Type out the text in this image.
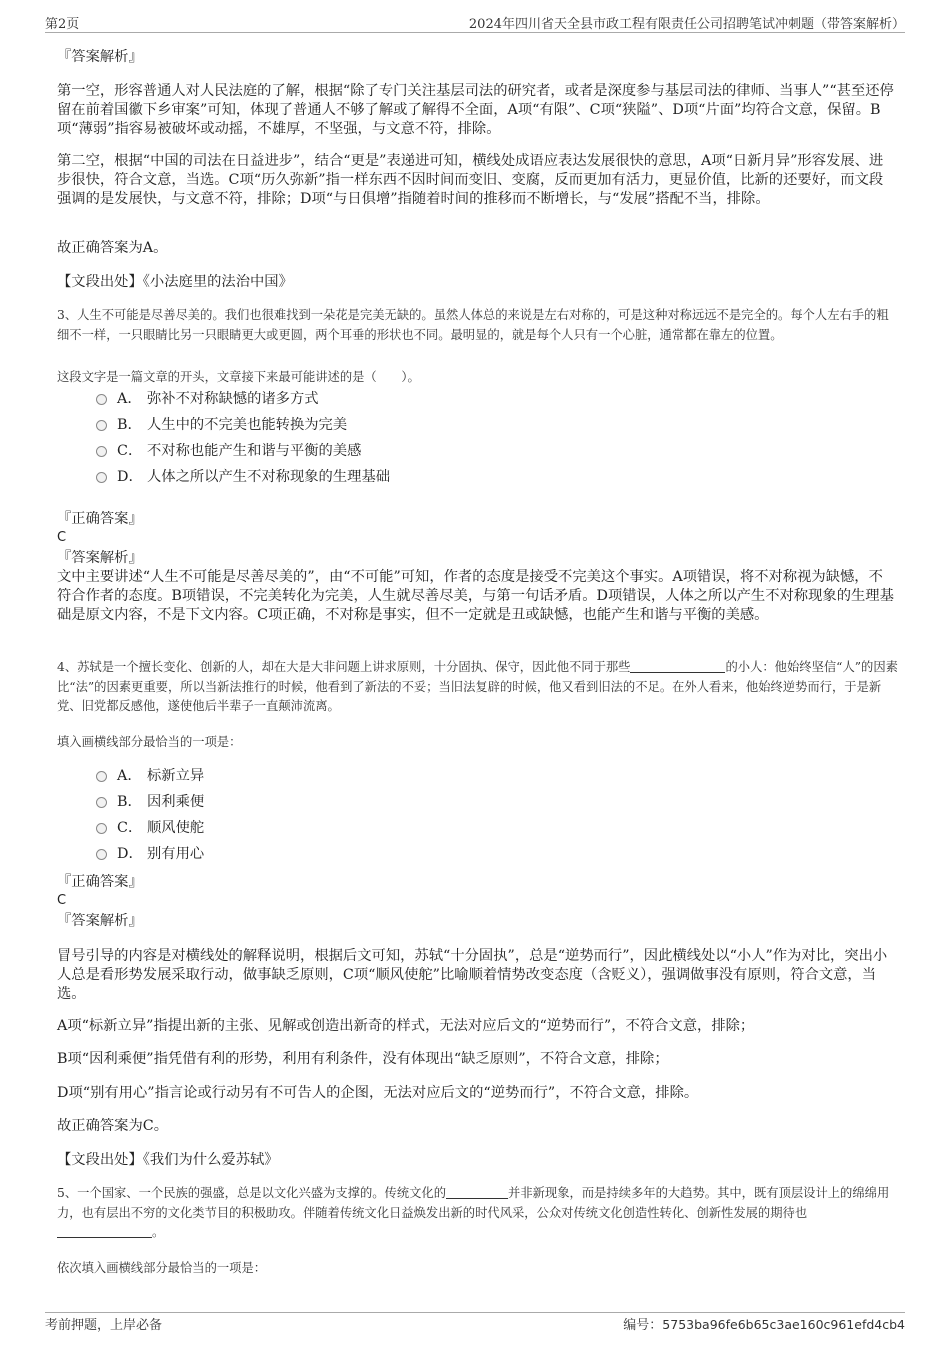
第2页	2024年四川省天全县市政工程有限责任公司招聘笔试冲刺题（带答案解析）
『答案解析』
第一空，形容普通人对人民法庭的了解，根据“除了专门关注基层司法的研究者，或者是深度参与基层司法的律师、当事人”“甚至还停留在前着国徽下乡审案”可知，体现了普通人不够了解或了解得不全面，A项“有限”、C项“狭隘”、D项“片面”均符合文意，保留。B项“薄弱”指容易被破坏或动摇，不雄厚，不坚强，与文意不符，排除。
第二空，根据“中国的司法在日益进步”，结合“更是”表递进可知，横线处成语应表达发展很快的意思，A项“日新月异”形容发展、进步很快，符合文意，当选。C项“历久弥新”指一样东西不因时间而变旧、变腐，反而更加有活力，更显价值，比新的还要好，而文段强调的是发展快，与文意不符，排除；D项“与日俱增”指随着时间的推移而不断增长，与“发展”搭配不当，排除。
故正确答案为A。
【文段出处】《小法庭里的法治中国》
3、人生不可能是尽善尽美的。我们也很难找到一朵花是完美无缺的。虽然人体总的来说是左右对称的，可是这种对称远远不是完全的。每个人左右手的粗细不一样，一只眼睛比另一只眼睛更大或更圆，两个耳垂的形状也不同。最明显的，就是每个人只有一个心脏，通常都在靠左的位置。
这段文字是一篇文章的开头，文章接下来最可能讲述的是（　　）。
A． 弥补不对称缺憾的诸多方式
B． 人生中的不完美也能转换为完美
C． 不对称也能产生和谐与平衡的美感
D． 人体之所以产生不对称现象的生理基础
『正确答案』
C
『答案解析』
文中主要讲述“人生不可能是尽善尽美的”，由“不可能”可知，作者的态度是接受不完美这个事实。A项错误，将不对称视为缺憾，不符合作者的态度。B项错误，不完美转化为完美，人生就尽善尽美，与第一句话矛盾。D项错误，人体之所以产生不对称现象的生理基础是原文内容，不是下文内容。C项正确，不对称是事实，但不一定就是丑或缺憾，也能产生和谐与平衡的美感。
4、苏轼是一个擅长变化、创新的人，却在大是大非问题上讲求原则，十分固执、保守，因此他不同于那些	的小人：他始终坚信“人”的因素比“法”的因素更重要，所以当新法推行的时候，他看到了新法的不妥；当旧法复辟的时候，他又看到旧法的不足。在外人看来，他始终逆势而行，于是新党、旧党都反感他，遂使他后半辈子一直颠沛流离。
填入画横线部分最恰当的一项是：
A． 标新立异
B． 因利乘便
C． 顺风使舵
D． 别有用心
『正确答案』
C
『答案解析』
冒号引导的内容是对横线处的解释说明，根据后文可知，苏轼“十分固执”，总是“逆势而行”，因此横线处以“小人”作为对比，突出小人总是看形势发展采取行动，做事缺乏原则，C项“顺风使舵”比喻顺着情势改变态度（含贬义），强调做事没有原则，符合文意，当选。
A项“标新立异”指提出新的主张、见解或创造出新奇的样式，无法对应后文的“逆势而行”，不符合文意，排除；
B项“因利乘便”指凭借有利的形势，利用有利条件，没有体现出“缺乏原则”，不符合文意，排除；
D项“别有用心”指言论或行动另有不可告人的企图，无法对应后文的“逆势而行”，不符合文意，排除。
故正确答案为C。
【文段出处】《我们为什么爱苏轼》
5、一个国家、一个民族的强盛，总是以文化兴盛为支撑的。传统文化的	并非新现象，而是持续多年的大趋势。其中，既有顶层设计上的绵绵用力，也有层出不穷的文化类节目的积极助攻。伴随着传统文化日益焕发出新的时代风采，公众对传统文化创造性转化、创新性发展的期待也。
依次填入画横线部分最恰当的一项是：
考前押题，上岸必备	编号：5753ba96fe6b65c3ae160c961efd4cb4
